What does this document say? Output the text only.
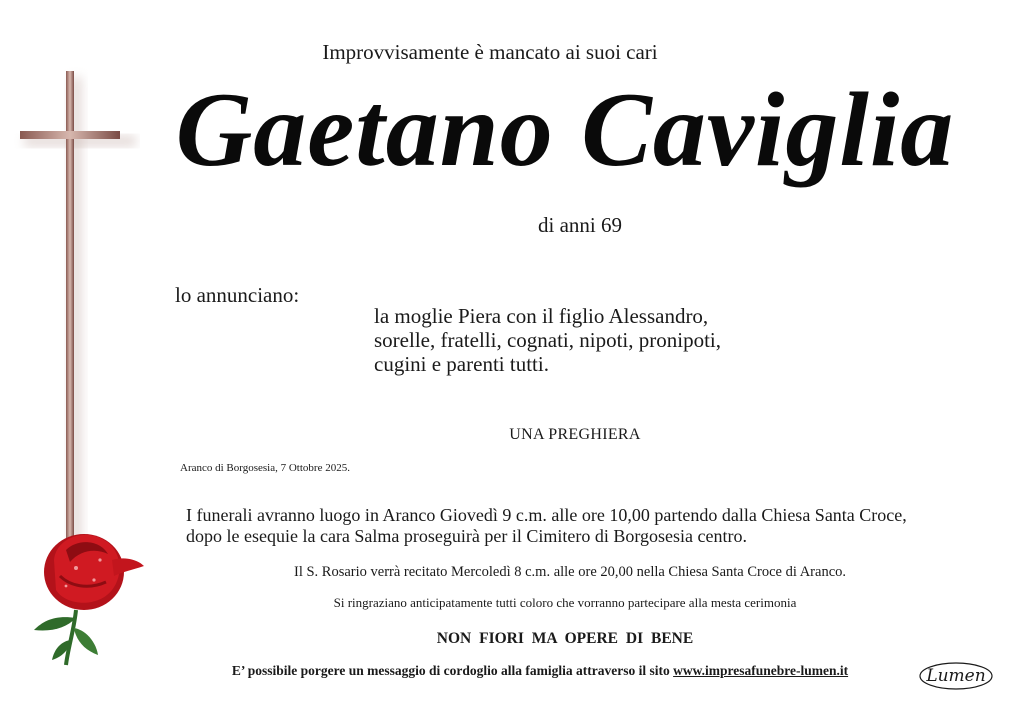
Improvvisamente è mancato ai suoi cari
Gaetano Caviglia
di anni 69
lo annunciano:
la moglie Piera con il figlio Alessandro,
sorelle, fratelli, cognati, nipoti, pronipoti,
cugini e parenti tutti.
UNA PREGHIERA
Aranco di Borgosesia, 7 Ottobre 2025.
I funerali avranno luogo in Aranco Giovedì 9 c.m. alle ore 10,00 partendo dalla Chiesa Santa Croce,
dopo le esequie la cara Salma proseguirà per il Cimitero di Borgosesia centro.
Il S. Rosario verrà recitato Mercoledì 8 c.m. alle ore 20,00 nella Chiesa Santa Croce di Aranco.
Si ringraziano anticipatamente tutti coloro che vorranno partecipare alla mesta cerimonia
NON FIORI MA OPERE DI BENE
E’ possibile porgere un messaggio di cordoglio alla famiglia attraverso il sito www.impresafunebre-lumen.it	Lumen
